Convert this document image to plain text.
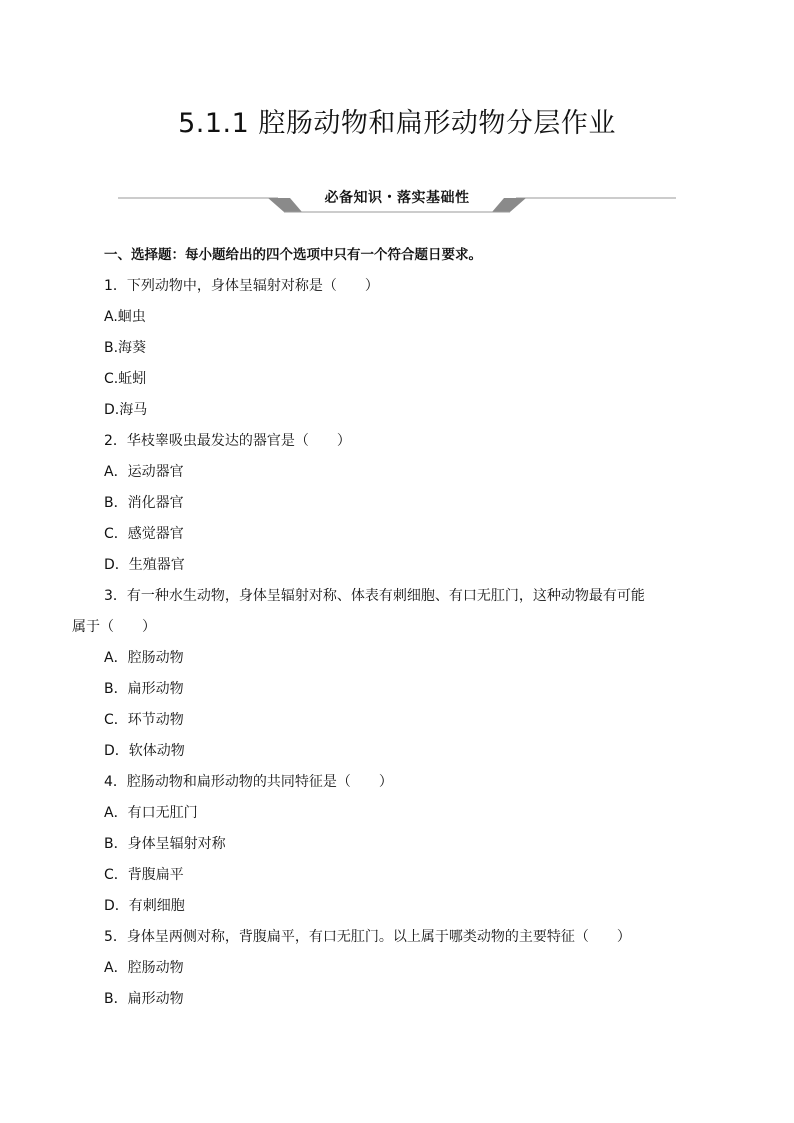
5.1.1 腔肠动物和扁形动物分层作业
必备知识・落实基础性
一、选择题：每小题给出的四个选项中只有一个符合题日要求。
1．下列动物中，身体呈辐射对称是（　　）
A.蛔虫
B.海葵
C.蚯蚓
D.海马
2．华枝睾吸虫最发达的器官是（　　）
A．运动器官
B．消化器官
C．感觉器官
D．生殖器官
3．有一种水生动物，身体呈辐射对称、体表有刺细胞、有口无肛门，这种动物最有可能
属于（　　）
A．腔肠动物
B．扁形动物
C．环节动物
D．软体动物
4．腔肠动物和扁形动物的共同特征是（　　）
A．有口无肛门
B．身体呈辐射对称
C．背腹扁平
D．有刺细胞
5．身体呈两侧对称，背腹扁平，有口无肛门。以上属于哪类动物的主要特征（　　）
A．腔肠动物
B．扁形动物
